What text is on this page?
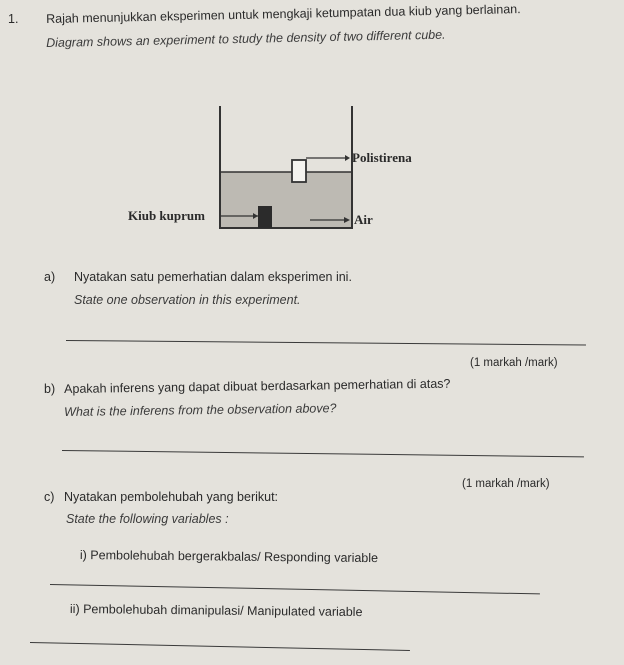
1. Rajah menunjukkan eksperimen untuk mengkaji ketumpatan dua kiub yang berlainan.
Diagram shows an experiment to study the density of two different cube.
Polistirena
Kiub kuprum	Air
a) Nyatakan satu pemerhatian dalam eksperimen ini.
State one observation in this experiment.
(1 markah /mark)
b) Apakah inferens yang dapat dibuat berdasarkan pemerhatian di atas?
What is the inferens from the observation above?
(1 markah /mark)
c) Nyatakan pembolehubah yang berikut:
State the following variables :
i) Pembolehubah bergerakbalas/ Responding variable
ii) Pembolehubah dimanipulasi/ Manipulated variable
